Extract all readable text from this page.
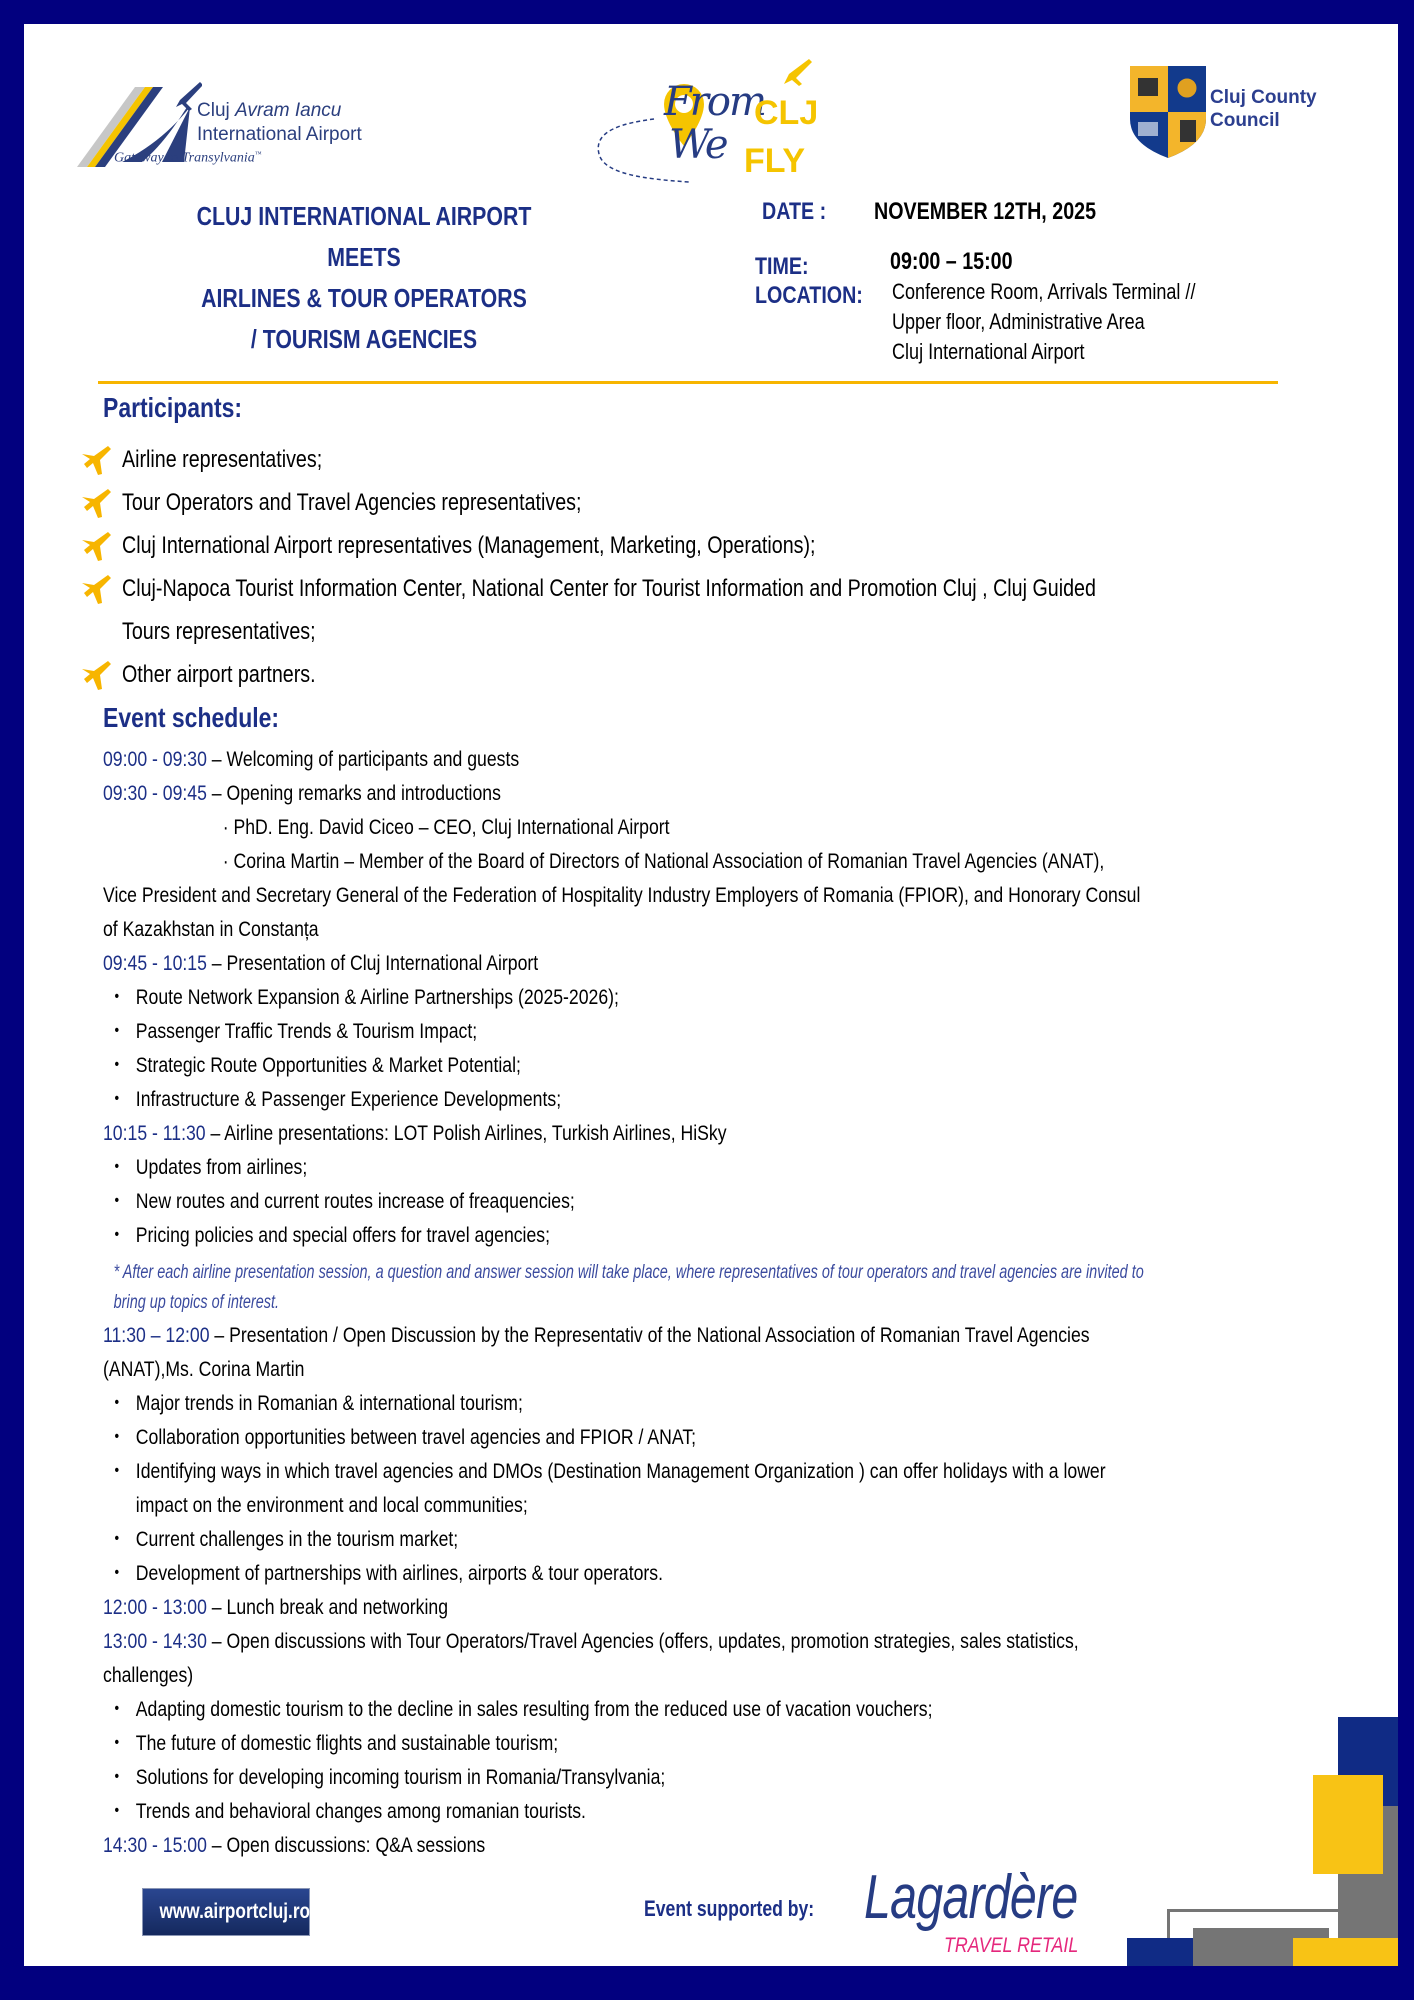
Cluj Avram Iancu
International Airport
Gateway to Transylvania™
From
CLJ
We FLY
Cluj County
Council
CLUJ INTERNATIONAL AIRPORT
MEETS
AIRLINES & TOUR OPERATORS
/ TOURISM AGENCIES
DATE : NOVEMBER 12TH, 2025
TIME:	09:00 – 15:00
LOCATION: Conference Room, Arrivals Terminal //
Upper floor, Administrative Area
Cluj International Airport
Participants:
Airline representatives;
Tour Operators and Travel Agencies representatives;
Cluj International Airport representatives (Management, Marketing, Operations);
Cluj-Napoca Tourist Information Center, National Center for Tourist Information and Promotion Cluj , Cluj Guided
Tours representatives;
Other airport partners.
Event schedule:
09:00 - 09:30 – Welcoming of participants and guests
09:30 - 09:45 – Opening remarks and introductions
· PhD. Eng. David Ciceo – CEO, Cluj International Airport
· Corina Martin – Member of the Board of Directors of National Association of Romanian Travel Agencies (ANAT),
Vice President and Secretary General of the Federation of Hospitality Industry Employers of Romania (FPIOR), and Honorary Consul
of Kazakhstan in Constanța
09:45 - 10:15 – Presentation of Cluj International Airport
• Route Network Expansion & Airline Partnerships (2025-2026);
• Passenger Traffic Trends & Tourism Impact;
• Strategic Route Opportunities & Market Potential;
• Infrastructure & Passenger Experience Developments;
10:15 - 11:30 – Airline presentations: LOT Polish Airlines, Turkish Airlines, HiSky
• Updates from airlines;
• New routes and current routes increase of freaquencies;
• Pricing policies and special offers for travel agencies;
* After each airline presentation session, a question and answer session will take place, where representatives of tour operators and travel agencies are invited to
bring up topics of interest.
11:30 – 12:00 – Presentation / Open Discussion by the Representativ of the National Association of Romanian Travel Agencies
(ANAT),Ms. Corina Martin
• Major trends in Romanian & international tourism;
• Collaboration opportunities between travel agencies and FPIOR / ANAT;
• Identifying ways in which travel agencies and DMOs (Destination Management Organization ) can offer holidays with a lower
impact on the environment and local communities;
• Current challenges in the tourism market;
• Development of partnerships with airlines, airports & tour operators.
12:00 - 13:00 – Lunch break and networking
13:00 - 14:30 – Open discussions with Tour Operators/Travel Agencies (offers, updates, promotion strategies, sales statistics,
challenges)
• Adapting domestic tourism to the decline in sales resulting from the reduced use of vacation vouchers;
• The future of domestic flights and sustainable tourism;
• Solutions for developing incoming tourism in Romania/Transylvania;
• Trends and behavioral changes among romanian tourists.
14:30 - 15:00 – Open discussions: Q&A sessions
www.airportcluj.ro	Event supported by: Lagardère
TRAVEL RETAIL
